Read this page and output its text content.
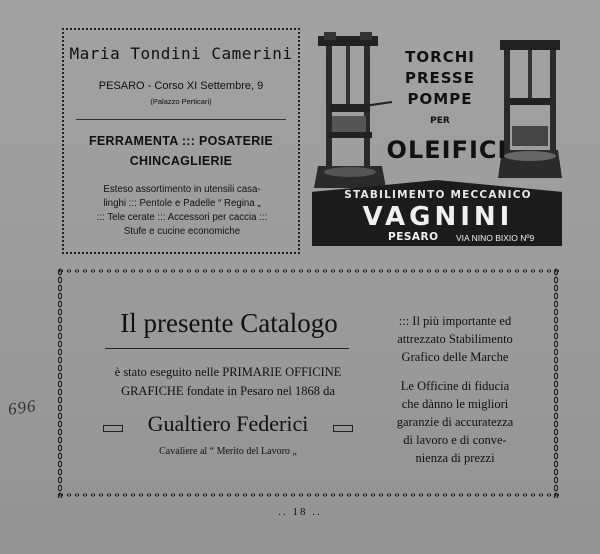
Maria Tondini Camerini
PESARO - Corso XI Settembre, 9
(Palazzo Perticari)
FERRAMENTA ::: POSATERIE
CHINCAGLIERIE
Esteso assortimento in utensili casa-
linghi ::: Pentole e Padelle “ Regina „
::: Tele cerate ::: Accessori per caccia :::
Stufe e cucine economiche
TORCHI
PRESSE
POMPE
PER
OLEIFICI
STABILIMENTO MECCANICO
VAGNINI
PESARO VIA NINO BIXIO Nº9
Il presente Catalogo
è stato eseguito nelle PRIMARIE OFFICINE
GRAFICHE fondate in Pesaro nel 1868 da
Gualtiero Federici
Cavaliere al “ Merito del Lavoro „
::: Il più importante ed
attrezzato Stabilimento
Grafico delle Marche
Le Officine di fiducia
che dànno le migliori
garanzie di accuratezza
di lavoro e di conve-
nienza di prezzi
696
.. 18 ..
